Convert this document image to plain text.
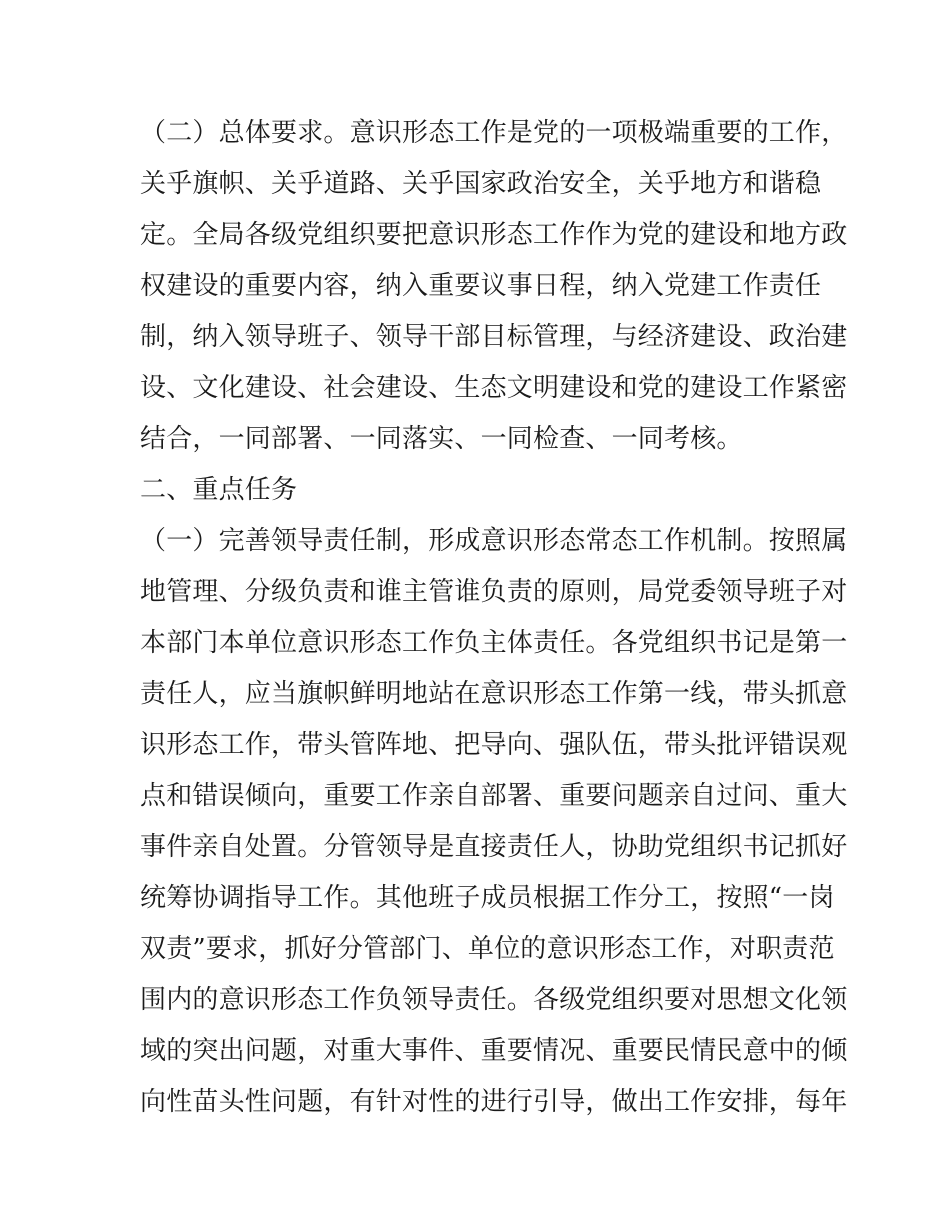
（二）总体要求。意识形态工作是党的一项极端重要的工作，
关乎旗帜、关乎道路、关乎国家政治安全，关乎地方和谐稳
定。全局各级党组织要把意识形态工作作为党的建设和地方政
权建设的重要内容，纳入重要议事日程，纳入党建工作责任
制，纳入领导班子、领导干部目标管理，与经济建设、政治建
设、文化建设、社会建设、生态文明建设和党的建设工作紧密
结合，一同部署、一同落实、一同检查、一同考核。
二、重点任务
（一）完善领导责任制，形成意识形态常态工作机制。按照属
地管理、分级负责和谁主管谁负责的原则，局党委领导班子对
本部门本单位意识形态工作负主体责任。各党组织书记是第一
责任人，应当旗帜鲜明地站在意识形态工作第一线，带头抓意
识形态工作，带头管阵地、把导向、强队伍，带头批评错误观
点和错误倾向，重要工作亲自部署、重要问题亲自过问、重大
事件亲自处置。分管领导是直接责任人，协助党组织书记抓好
统筹协调指导工作。其他班子成员根据工作分工，按照“一岗
双责”要求，抓好分管部门、单位的意识形态工作，对职责范
围内的意识形态工作负领导责任。各级党组织要对思想文化领
域的突出问题，对重大事件、重要情况、重要民情民意中的倾
向性苗头性问题，有针对性的进行引导，做出工作安排，每年
